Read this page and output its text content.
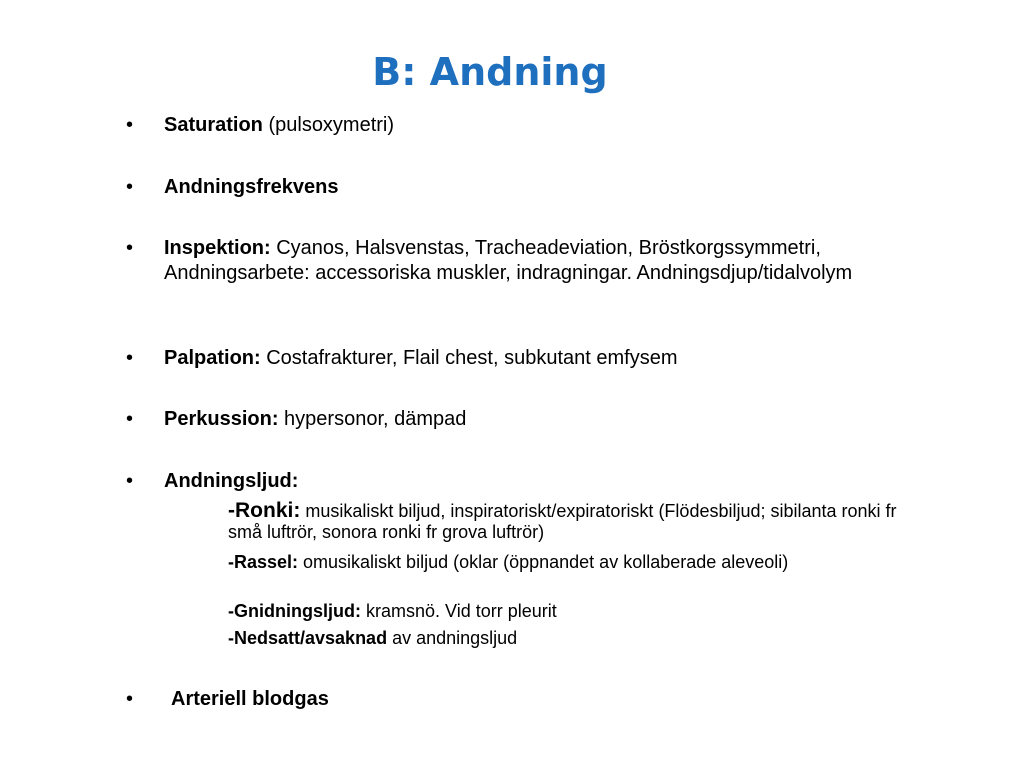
B: Andning
• Saturation (pulsoxymetri)
• Andningsfrekvens
• Inspektion: Cyanos, Halsvenstas, Tracheadeviation, Bröstkorgssymmetri, Andningsarbete: accessoriska muskler, indragningar. Andningsdjup/tidalvolym
• Palpation: Costafrakturer, Flail chest, subkutant emfysem
• Perkussion: hypersonor, dämpad
• Andningsljud:
-Ronki: musikaliskt biljud, inspiratoriskt/expiratoriskt (Flödesbiljud; sibilanta ronki fr små luftrör, sonora ronki fr grova luftrör)
-Rassel: omusikaliskt biljud (oklar (öppnandet av kollaberade aleveoli)
-Gnidningsljud: kramsnö. Vid torr pleurit
-Nedsatt/avsaknad av andningsljud
• Arteriell blodgas
